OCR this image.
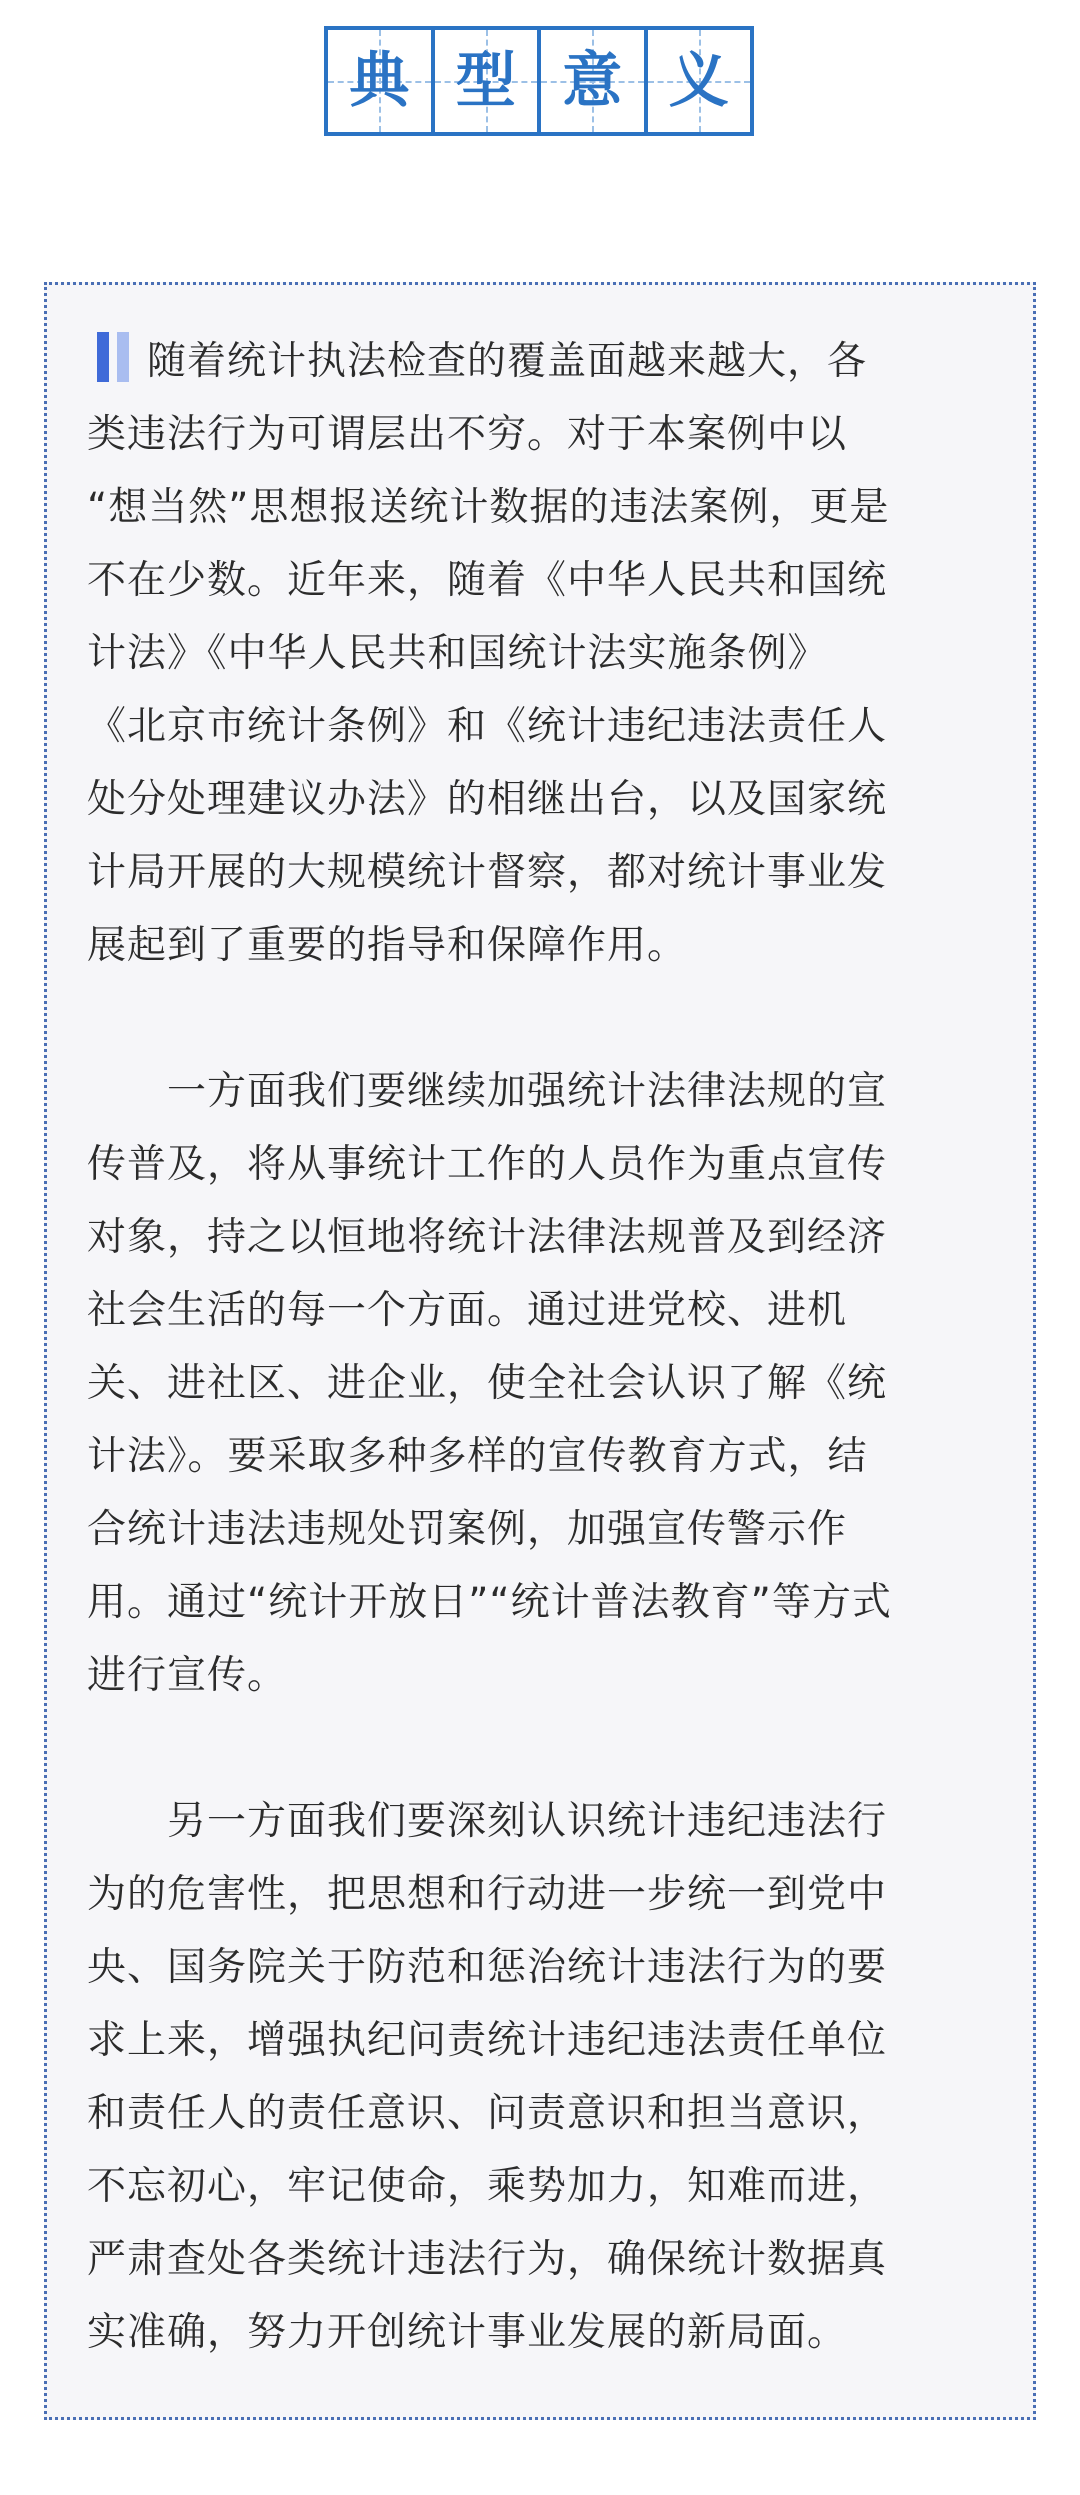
典 型 意 义

随着统计执法检查的覆盖面越来越大，各

类违法行为可谓层出不穷。对于本案例中以

“想当然”思想报送统计数据的违法案例，更是

不在少数。近年来，随着《中华人民共和国统

计法》《中华人民共和国统计法实施条例》

《北京市统计条例》和《统计违纪违法责任人

处分处理建议办法》的相继出台，以及国家统

计局开展的大规模统计督察，都对统计事业发

展起到了重要的指导和保障作用。

　　一方面我们要继续加强统计法律法规的宣

传普及，将从事统计工作的人员作为重点宣传

对象，持之以恒地将统计法律法规普及到经济

社会生活的每一个方面。通过进党校、进机

关、进社区、进企业，使全社会认识了解《统

计法》。要采取多种多样的宣传教育方式，结

合统计违法违规处罚案例，加强宣传警示作

用。通过“统计开放日”“统计普法教育”等方式

进行宣传。

　　另一方面我们要深刻认识统计违纪违法行

为的危害性，把思想和行动进一步统一到党中

央、国务院关于防范和惩治统计违法行为的要

求上来，增强执纪问责统计违纪违法责任单位

和责任人的责任意识、问责意识和担当意识，

不忘初心，牢记使命，乘势加力，知难而进，

严肃查处各类统计违法行为，确保统计数据真

实准确，努力开创统计事业发展的新局面。
